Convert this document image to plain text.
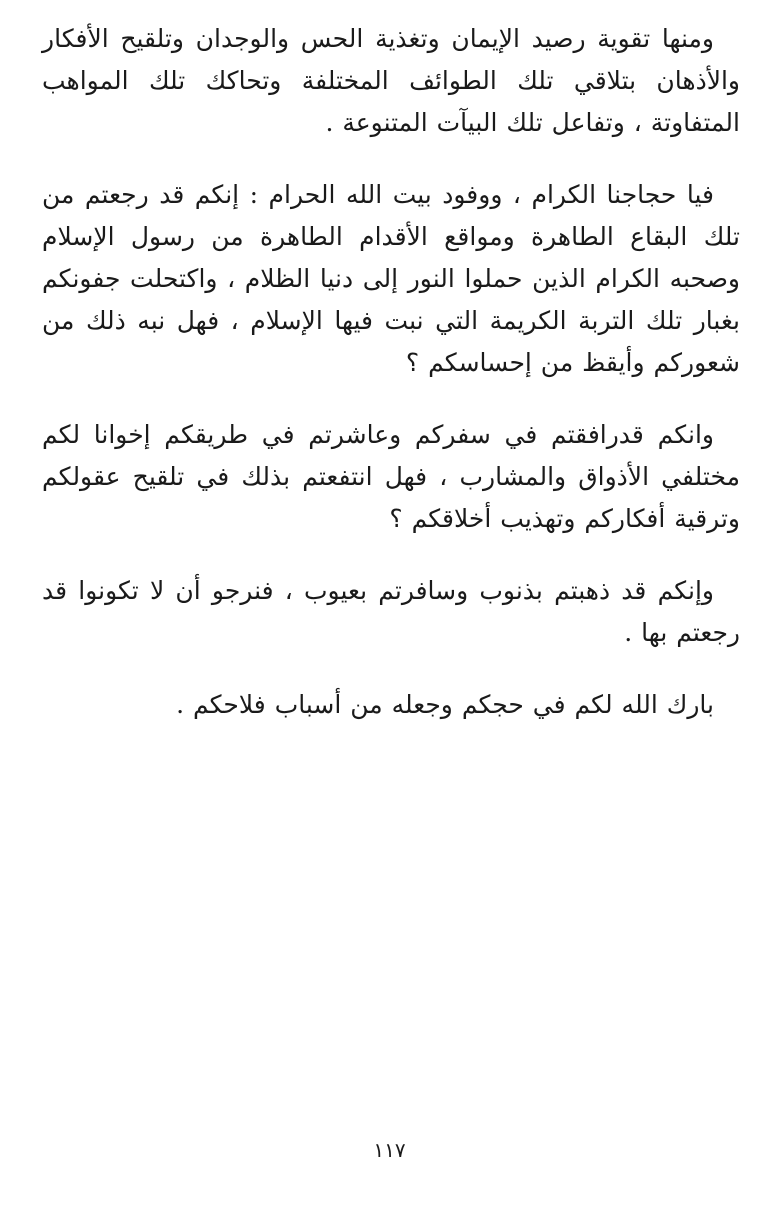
ومنها تقوية رصيد الإيمان وتغذية الحس والوجدان وتلقيح الأفكار والأذهان بتلاقي تلك الطوائف المختلفة وتحاكك تلك المواهب المتفاوتة ، وتفاعل تلك البيآت المتنوعة .

فيا حجاجنا الكرام ، ووفود بيت الله الحرام : إنكم قد رجعتم من تلك البقاع الطاهرة ومواقع الأقدام الطاهرة من رسول الإسلام وصحبه الكرام الذين حملوا النور إلى دنيا الظلام ، واكتحلت جفونكم بغبار تلك التربة الكريمة التي نبت فيها الإسلام ، فهل نبه ذلك من شعوركم وأيقظ من إحساسكم ؟

وانكم قدرافقتم في سفركم وعاشرتم في طريقكم إخوانا لكم مختلفي الأذواق والمشارب ، فهل انتفعتم بذلك في تلقيح عقولكم وترقية أفكاركم وتهذيب أخلاقكم ؟

وإنكم قد ذهبتم بذنوب وسافرتم بعيوب ، فنرجو أن لا تكونوا قد رجعتم بها .

بارك الله لكم في حجكم وجعله من أسباب فلاحكم .

١١٧
